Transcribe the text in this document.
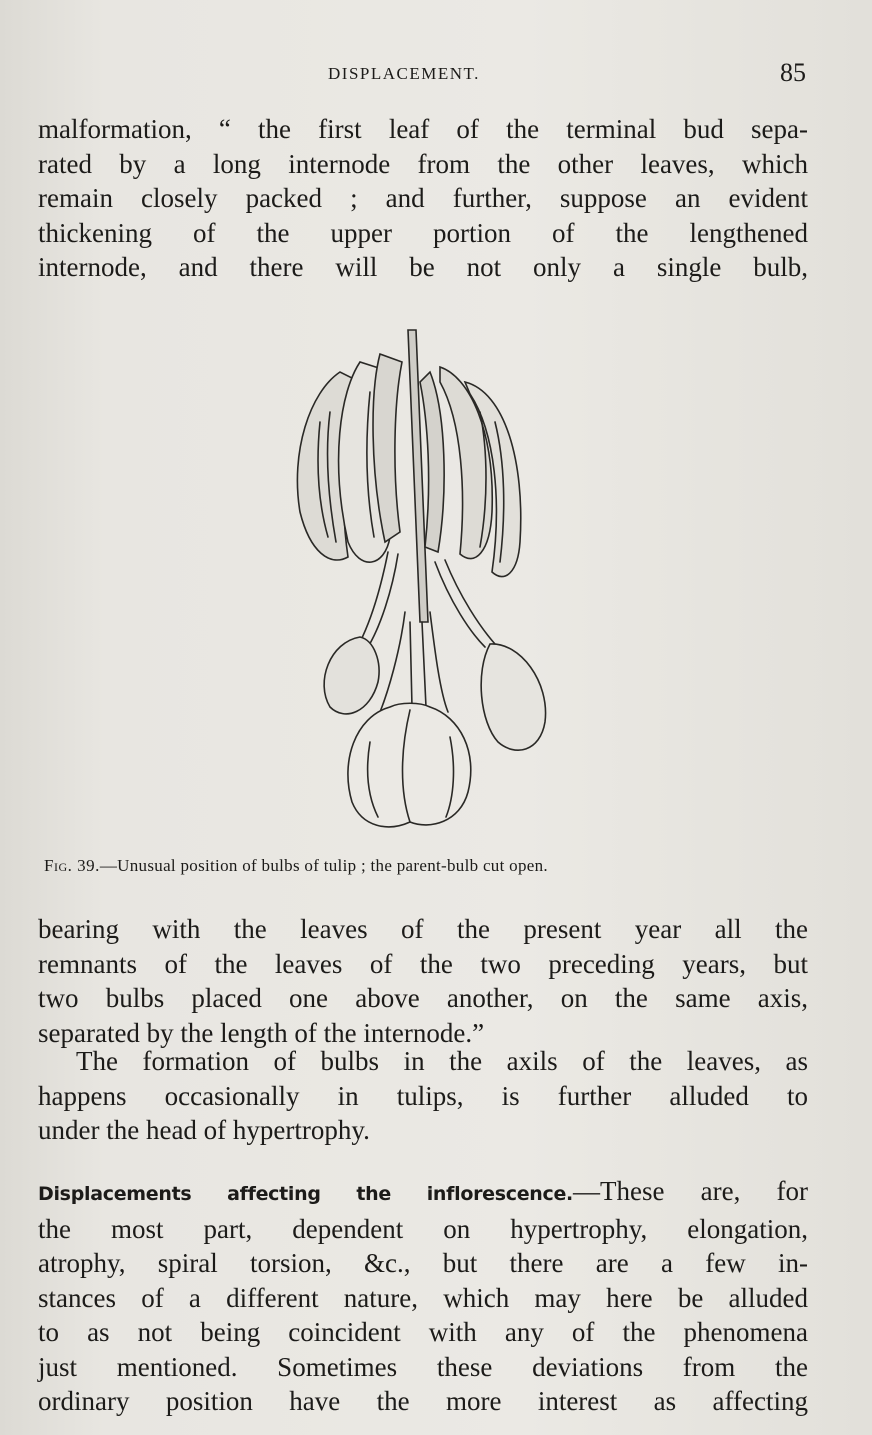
DISPLACEMENT.	85
malformation, “ the first leaf of the terminal bud sepa-
rated by a long internode from the other leaves, which
remain closely packed ; and further, suppose an evident
thickening of the upper portion of the lengthened
internode, and there will be not only a single bulb,
Fig. 39.—Unusual position of bulbs of tulip ; the parent-bulb cut open.
bearing with the leaves of the present year all the
remnants of the leaves of the two preceding years, but
two bulbs placed one above another, on the same axis,
separated by the length of the internode.”
The formation of bulbs in the axils of the leaves, as
happens occasionally in tulips, is further alluded to
under the head of hypertrophy.
Displacements affecting the inflorescence.—These are, for
the most part, dependent on hypertrophy, elongation,
atrophy, spiral torsion, &c., but there are a few in-
stances of a different nature, which may here be alluded
to as not being coincident with any of the phenomena
just mentioned. Sometimes these deviations from the
ordinary position have the more interest as affecting
